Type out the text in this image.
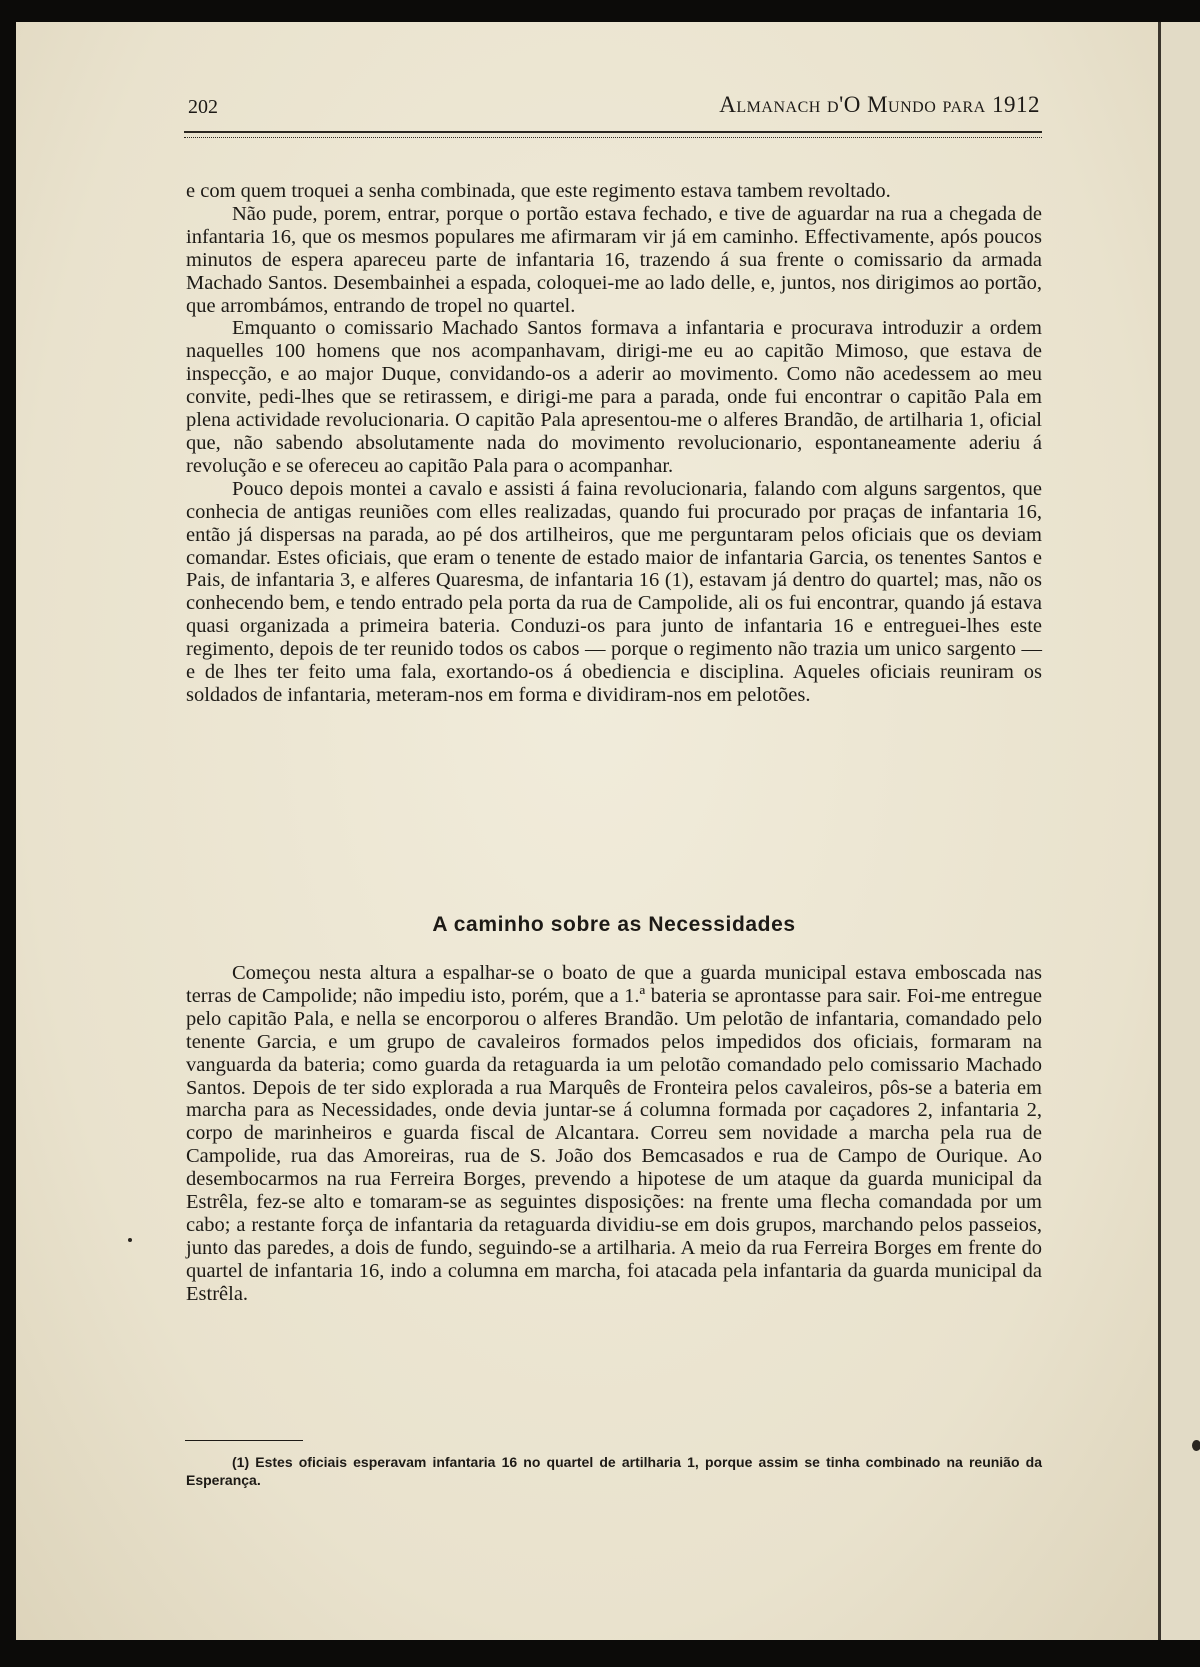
202	Almanach d'O Mundo para 1912

e com quem troquei a senha combinada, que este regimento estava tambem revoltado.

Não pude, porem, entrar, porque o portão estava fechado, e tive de aguardar na rua a chegada de infantaria 16, que os mesmos populares me afirmaram vir já em caminho. Effectivamente, após poucos minutos de espera apareceu parte de infantaria 16, trazendo á sua frente o comissario da armada Machado Santos. Desembainhei a espada, coloquei-me ao lado delle, e, juntos, nos dirigimos ao portão, que arrombámos, entrando de tropel no quartel.

Emquanto o comissario Machado Santos formava a infantaria e procurava introduzir a ordem naquelles 100 homens que nos acompanhavam, dirigi-me eu ao capitão Mimoso, que estava de inspecção, e ao major Duque, convidando-os a aderir ao movimento. Como não acedessem ao meu convite, pedi-lhes que se retirassem, e dirigi-me para a parada, onde fui encontrar o capitão Pala em plena actividade revolucionaria. O capitão Pala apresentou-me o alferes Brandão, de artilharia 1, oficial que, não sabendo absolutamente nada do movimento revolucionario, espontaneamente aderiu á revolução e se ofereceu ao capitão Pala para o acompanhar.

Pouco depois montei a cavalo e assisti á faina revolucionaria, falando com alguns sargentos, que conhecia de antigas reuniões com elles realizadas, quando fui procurado por praças de infantaria 16, então já dispersas na parada, ao pé dos artilheiros, que me perguntaram pelos oficiais que os deviam comandar. Estes oficiais, que eram o tenente de estado maior de infantaria Garcia, os tenentes Santos e Pais, de infantaria 3, e alferes Quaresma, de infantaria 16 (1), estavam já dentro do quartel; mas, não os conhecendo bem, e tendo entrado pela porta da rua de Campolide, ali os fui encontrar, quando já estava quasi organizada a primeira bateria. Conduzi-os para junto de infantaria 16 e entreguei-lhes este regimento, depois de ter reunido todos os cabos — porque o regimento não trazia um unico sargento — e de lhes ter feito uma fala, exortando-os á obediencia e disciplina. Aqueles oficiais reuniram os soldados de infantaria, meteram-nos em forma e dividiram-nos em pelotões.

A caminho sobre as Necessidades

Começou nesta altura a espalhar-se o boato de que a guarda municipal estava emboscada nas terras de Campolide; não impediu isto, porém, que a 1.ª bateria se aprontasse para sair. Foi-me entregue pelo capitão Pala, e nella se encorporou o alferes Brandão. Um pelotão de infantaria, comandado pelo tenente Garcia, e um grupo de cavaleiros formados pelos impedidos dos oficiais, formaram na vanguarda da bateria; como guarda da retaguarda ia um pelotão comandado pelo comissario Machado Santos. Depois de ter sido explorada a rua Marquês de Fronteira pelos cavaleiros, pôs-se a bateria em marcha para as Necessidades, onde devia juntar-se á columna formada por caçadores 2, infantaria 2, corpo de marinheiros e guarda fiscal de Alcantara. Correu sem novidade a marcha pela rua de Campolide, rua das Amoreiras, rua de S. João dos Bemcasados e rua de Campo de Ourique. Ao desembocarmos na rua Ferreira Borges, prevendo a hipotese de um ataque da guarda municipal da Estrêla, fez-se alto e tomaram-se as seguintes disposições: na frente uma flecha comandada por um cabo; a restante força de infantaria da retaguarda dividiu-se em dois grupos, marchando pelos passeios, junto das paredes, a dois de fundo, seguindo-se a artilharia. A meio da rua Ferreira Borges em frente do quartel de infantaria 16, indo a columna em marcha, foi atacada pela infantaria da guarda municipal da Estrêla.

(1) Estes oficiais esperavam infantaria 16 no quartel de artilharia 1, porque assim se tinha combinado na reunião da Esperança.
